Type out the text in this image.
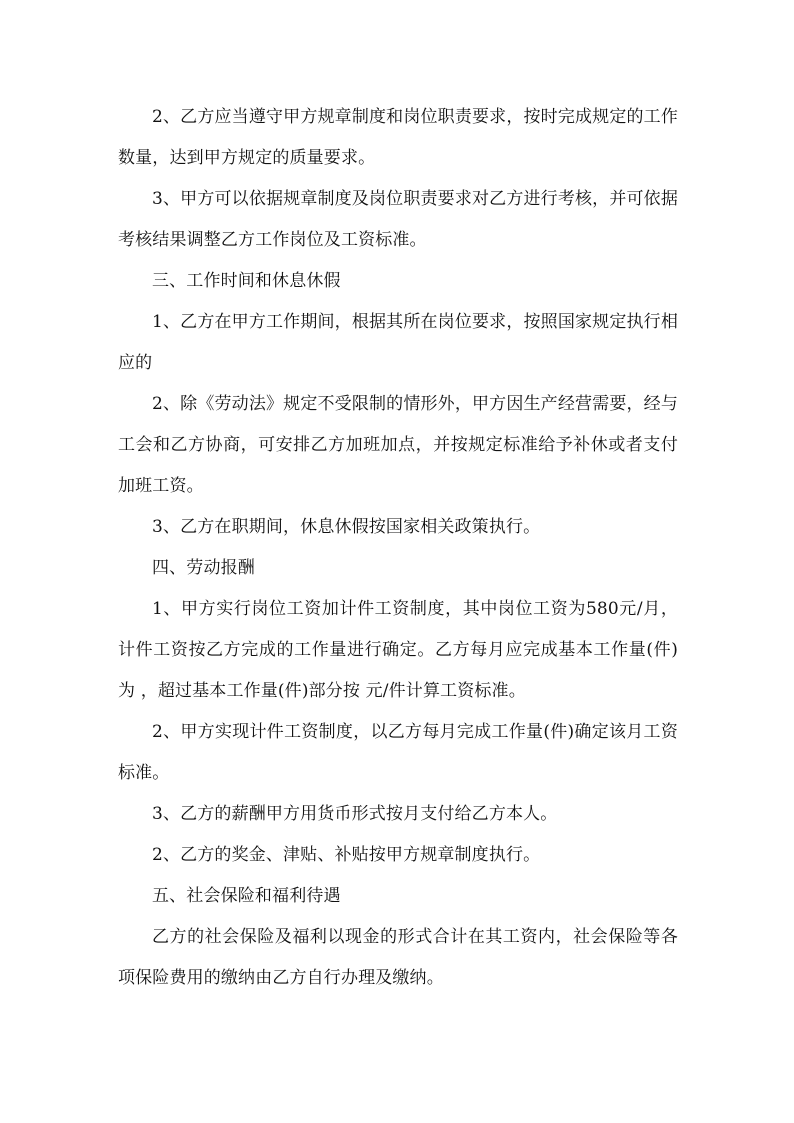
2、乙方应当遵守甲方规章制度和岗位职责要求，按时完成规定的工作数量，达到甲方规定的质量要求。

3、甲方可以依据规章制度及岗位职责要求对乙方进行考核，并可依据考核结果调整乙方工作岗位及工资标准。

三、工作时间和休息休假

1、乙方在甲方工作期间，根据其所在岗位要求，按照国家规定执行相应的

2、除《劳动法》规定不受限制的情形外，甲方因生产经营需要，经与工会和乙方协商，可安排乙方加班加点，并按规定标准给予补休或者支付加班工资。

3、乙方在职期间，休息休假按国家相关政策执行。

四、劳动报酬

1、甲方实行岗位工资加计件工资制度，其中岗位工资为580元/月，计件工资按乙方完成的工作量进行确定。乙方每月应完成基本工作量(件)为 ，超过基本工作量(件)部分按 元/件计算工资标准。

2、甲方实现计件工资制度，以乙方每月完成工作量(件)确定该月工资标准。

3、乙方的薪酬甲方用货币形式按月支付给乙方本人。

2、乙方的奖金、津贴、补贴按甲方规章制度执行。

五、社会保险和福利待遇

乙方的社会保险及福利以现金的形式合计在其工资内，社会保险等各项保险费用的缴纳由乙方自行办理及缴纳。
